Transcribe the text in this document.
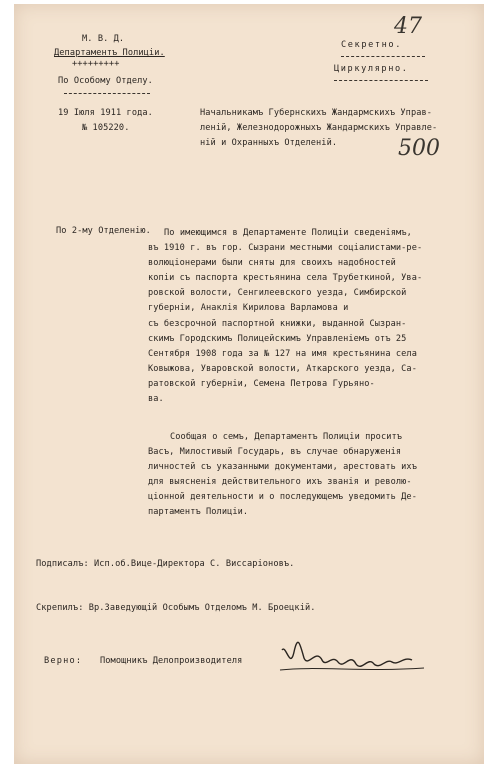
М. В. Д.
Департаментъ Полиціи.
+++++++++
По Особому Отделу.
19 Іюля 1911 года.
№ 105220.
Секретно.
Циркулярно.
47
500
Начальникамъ Губернскихъ Жандармскихъ Управ-
леній, Железнодорожныхъ Жандармскихъ Управле-
ній и Охранныхъ Отделеній.
По 2-му Отделенію.	По имеющимся в Департаменте Полиціи сведеніямъ,

въ 1910 г. въ гор. Сызрани местными соціалистами-ре-

волюціонерами были сняты для своихъ надобностей

копіи съ паспорта крестьянина села Трубеткиной, Ува-

ровской волости, Сенгилеевского уезда, Симбирской

губерніи, Анаклія Кирилова Варламова и

съ безсрочной паспортной книжки, выданной Сызран-

скимъ Городскимъ Полицейскимъ Управленіемъ отъ 25

Сентября 1908 года за № 127 на имя крестьянина села

Ковыжова, Уваровской волости, Аткарского уезда, Са-

ратовской губерніи, Семена Петрова Гурьяно-

ва.

Сообщая о семъ, Департаментъ Полиціи проситъ

Васъ, Милостивый Государь, въ случае обнаруженія

личностей съ указанными документами, арестовать ихъ

для выясненія действительного ихъ званія и револю-

ціонной деятельности и о последующемъ уведомить Де-

партаментъ Полиціи.

Подписалъ: Исп.об.Вице-Директора С. Виссаріоновъ.
Скрепилъ: Вр.Заведующій Особымъ Отделомъ М. Броецкій.
Верно: Помощникъ Делопроизводителя
